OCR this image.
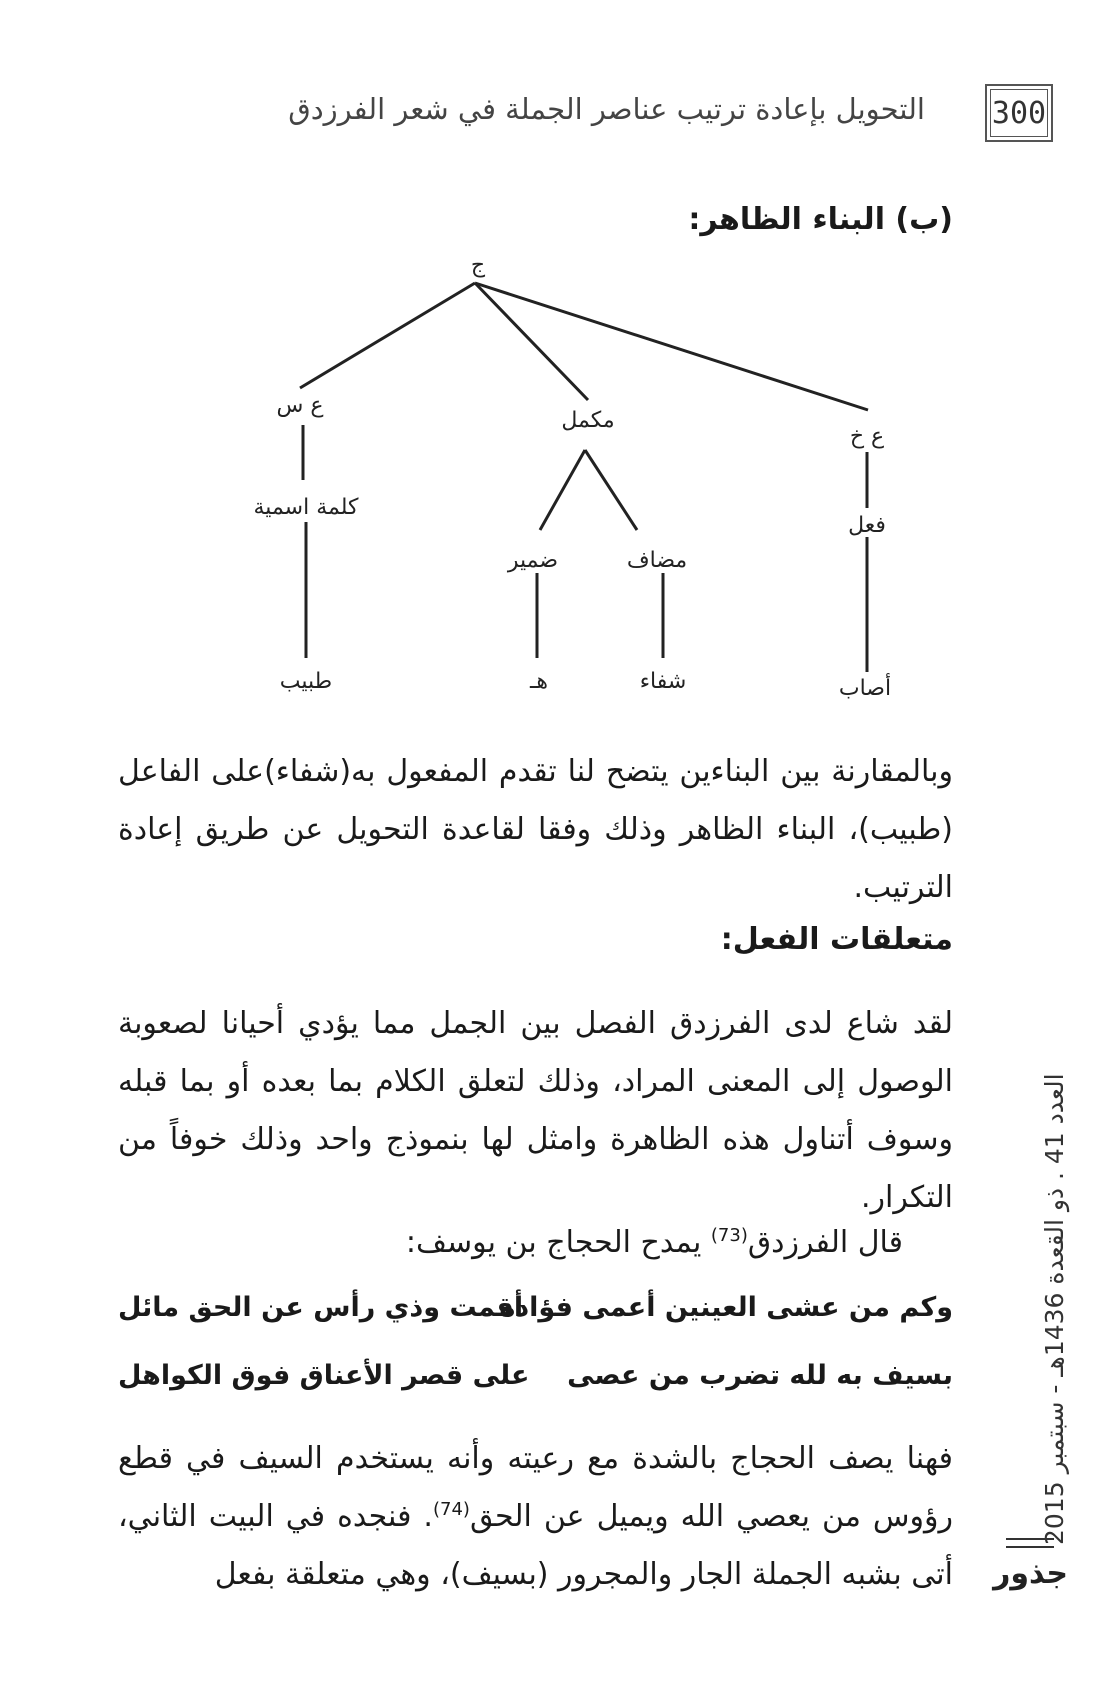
التحويل بإعادة ترتيب عناصر الجملة في شعر الفرزدق 300
(ب) البناء الظاهر:
ج
ع س
كلمة اسمية
طبيب
مكمل
ضمير
هـ
مضاف
شفاء
ع خ
فعل
أصاب
وبالمقارنة بين البناءين يتضح لنا تقدم المفعول به(شفاء)على الفاعل (طبيب)، البناء الظاهر وذلك وفقا لقاعدة التحويل عن طريق إعادة الترتيب.
متعلقات الفعل:
لقد شاع لدى الفرزدق الفصل بين الجمل مما يؤدي أحيانا لصعوبة الوصول إلى المعنى المراد، وذلك لتعلق الكلام بما بعده أو بما قبله وسوف أتناول هذه الظاهرة وامثل لها بنموذج واحد وذلك خوفاً من التكرار.
قال الفرزدق$^{(73)}$ يمدح الحجاج بن يوسف:
وكم من عشى العينين أعمى فؤاده
أقمت وذي رأس عن الحق مائل
بسيف به لله تضرب من عصى
على قصر الأعناق فوق الكواهل
فهنا يصف الحجاج بالشدة مع رعيته وأنه يستخدم السيف في قطع رؤوس من يعصي الله ويميل عن الحق$^{(74)}$. فنجده في البيت الثاني، أتى بشبه الجملة الجار والمجرور (بسيف)، وهي متعلقة بفعل
العدد 41 . ذو القعدة 1436هـ - سبتمبر 2015
جذور
